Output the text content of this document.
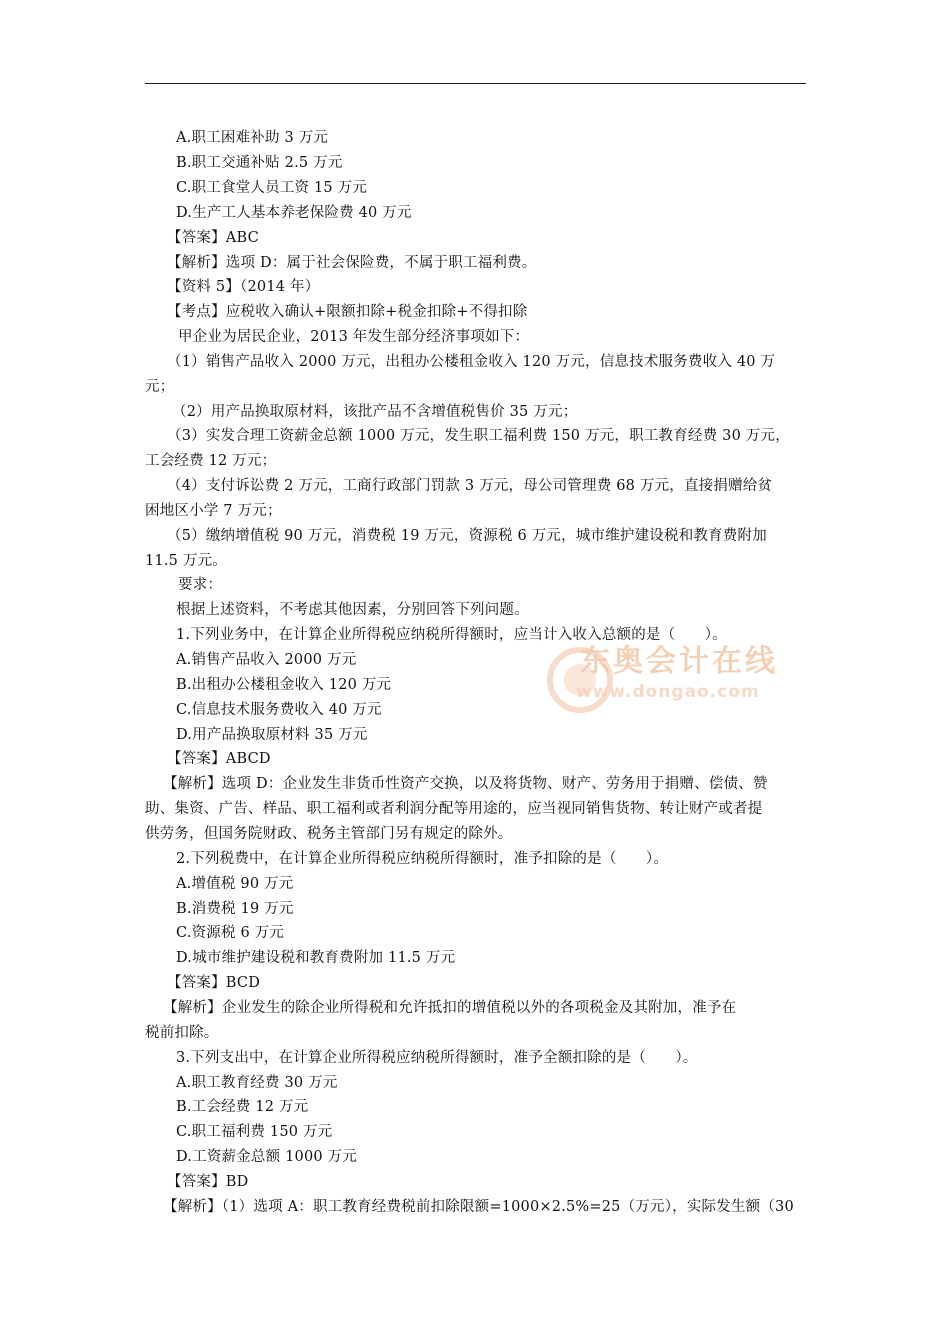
东奥会计在线
www.dongao.com
A.职工困难补助 3 万元
B.职工交通补贴 2.5 万元
C.职工食堂人员工资 15 万元
D.生产工人基本养老保险费 40 万元
【答案】ABC
【解析】选项 D：属于社会保险费，不属于职工福利费。
【资料 5】（2014 年）
【考点】应税收入确认+限额扣除+税金扣除+不得扣除
甲企业为居民企业，2013 年发生部分经济事项如下：
（1）销售产品收入 2000 万元，出租办公楼租金收入 120 万元，信息技术服务费收入 40 万
元；
（2）用产品换取原材料，该批产品不含增值税售价 35 万元；
（3）实发合理工资薪金总额 1000 万元，发生职工福利费 150 万元，职工教育经费 30 万元，
工会经费 12 万元；
（4）支付诉讼费 2 万元，工商行政部门罚款 3 万元，母公司管理费 68 万元，直接捐赠给贫
困地区小学 7 万元；
（5）缴纳增值税 90 万元，消费税 19 万元，资源税 6 万元，城市维护建设税和教育费附加
11.5 万元。
要求：
根据上述资料，不考虑其他因素，分别回答下列问题。
1.下列业务中，在计算企业所得税应纳税所得额时，应当计入收入总额的是（　　）。
A.销售产品收入 2000 万元
B.出租办公楼租金收入 120 万元
C.信息技术服务费收入 40 万元
D.用产品换取原材料 35 万元
【答案】ABCD
【解析】选项 D：企业发生非货币性资产交换，以及将货物、财产、劳务用于捐赠、偿债、赞
助、集资、广告、样品、职工福利或者利润分配等用途的，应当视同销售货物、转让财产或者提
供劳务，但国务院财政、税务主管部门另有规定的除外。
2.下列税费中，在计算企业所得税应纳税所得额时，准予扣除的是（　　）。
A.增值税 90 万元
B.消费税 19 万元
C.资源税 6 万元
D.城市维护建设税和教育费附加 11.5 万元
【答案】BCD
【解析】企业发生的除企业所得税和允许抵扣的增值税以外的各项税金及其附加，准予在
税前扣除。
3.下列支出中，在计算企业所得税应纳税所得额时，准予全额扣除的是（　　）。
A.职工教育经费 30 万元
B.工会经费 12 万元
C.职工福利费 150 万元
D.工资薪金总额 1000 万元
【答案】BD
【解析】（1）选项 A：职工教育经费税前扣除限额=1000×2.5%=25（万元），实际发生额（30
